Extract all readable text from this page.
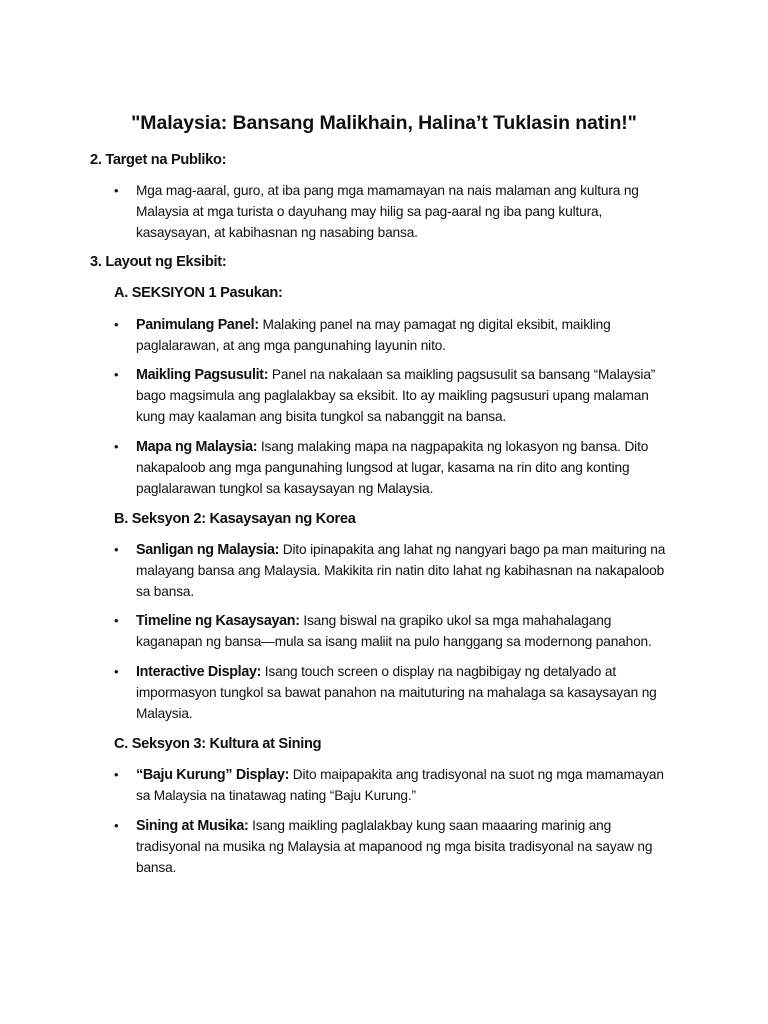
"Malaysia: Bansang Malikhain, Halina’t Tuklasin natin!"
2. Target na Publiko:
• Mga mag-aaral, guro, at iba pang mga mamamayan na nais malaman ang kultura ng Malaysia at mga turista o dayuhang may hilig sa pag-aaral ng iba pang kultura, kasaysayan, at kabihasnan ng nasabing bansa.
3. Layout ng Eksibit:
A. SEKSIYON 1 Pasukan:
• Panimulang Panel: Malaking panel na may pamagat ng digital eksibit, maikling paglalarawan, at ang mga pangunahing layunin nito.
• Maikling Pagsusulit: Panel na nakalaan sa maikling pagsusulit sa bansang “Malaysia” bago magsimula ang paglalakbay sa eksibit. Ito ay maikling pagsusuri upang malaman kung may kaalaman ang bisita tungkol sa nabanggit na bansa.
• Mapa ng Malaysia: Isang malaking mapa na nagpapakita ng lokasyon ng bansa. Dito nakapaloob ang mga pangunahing lungsod at lugar, kasama na rin dito ang konting paglalarawan tungkol sa kasaysayan ng Malaysia.
B. Seksyon 2: Kasaysayan ng Korea
• Sanligan ng Malaysia: Dito ipinapakita ang lahat ng nangyari bago pa man maituring na malayang bansa ang Malaysia. Makikita rin natin dito lahat ng kabihasnan na nakapaloob sa bansa.
• Timeline ng Kasaysayan: Isang biswal na grapiko ukol sa mga mahahalagang kaganapan ng bansa—mula sa isang maliit na pulo hanggang sa modernong panahon.
• Interactive Display: Isang touch screen o display na nagbibigay ng detalyado at impormasyon tungkol sa bawat panahon na maituturing na mahalaga sa kasaysayan ng Malaysia.
C. Seksyon 3: Kultura at Sining
• “Baju Kurung” Display: Dito maipapakita ang tradisyonal na suot ng mga mamamayan sa Malaysia na tinatawag nating “Baju Kurung.”
• Sining at Musika: Isang maikling paglalakbay kung saan maaaring marinig ang tradisyonal na musika ng Malaysia at mapanood ng mga bisita tradisyonal na sayaw ng bansa.
